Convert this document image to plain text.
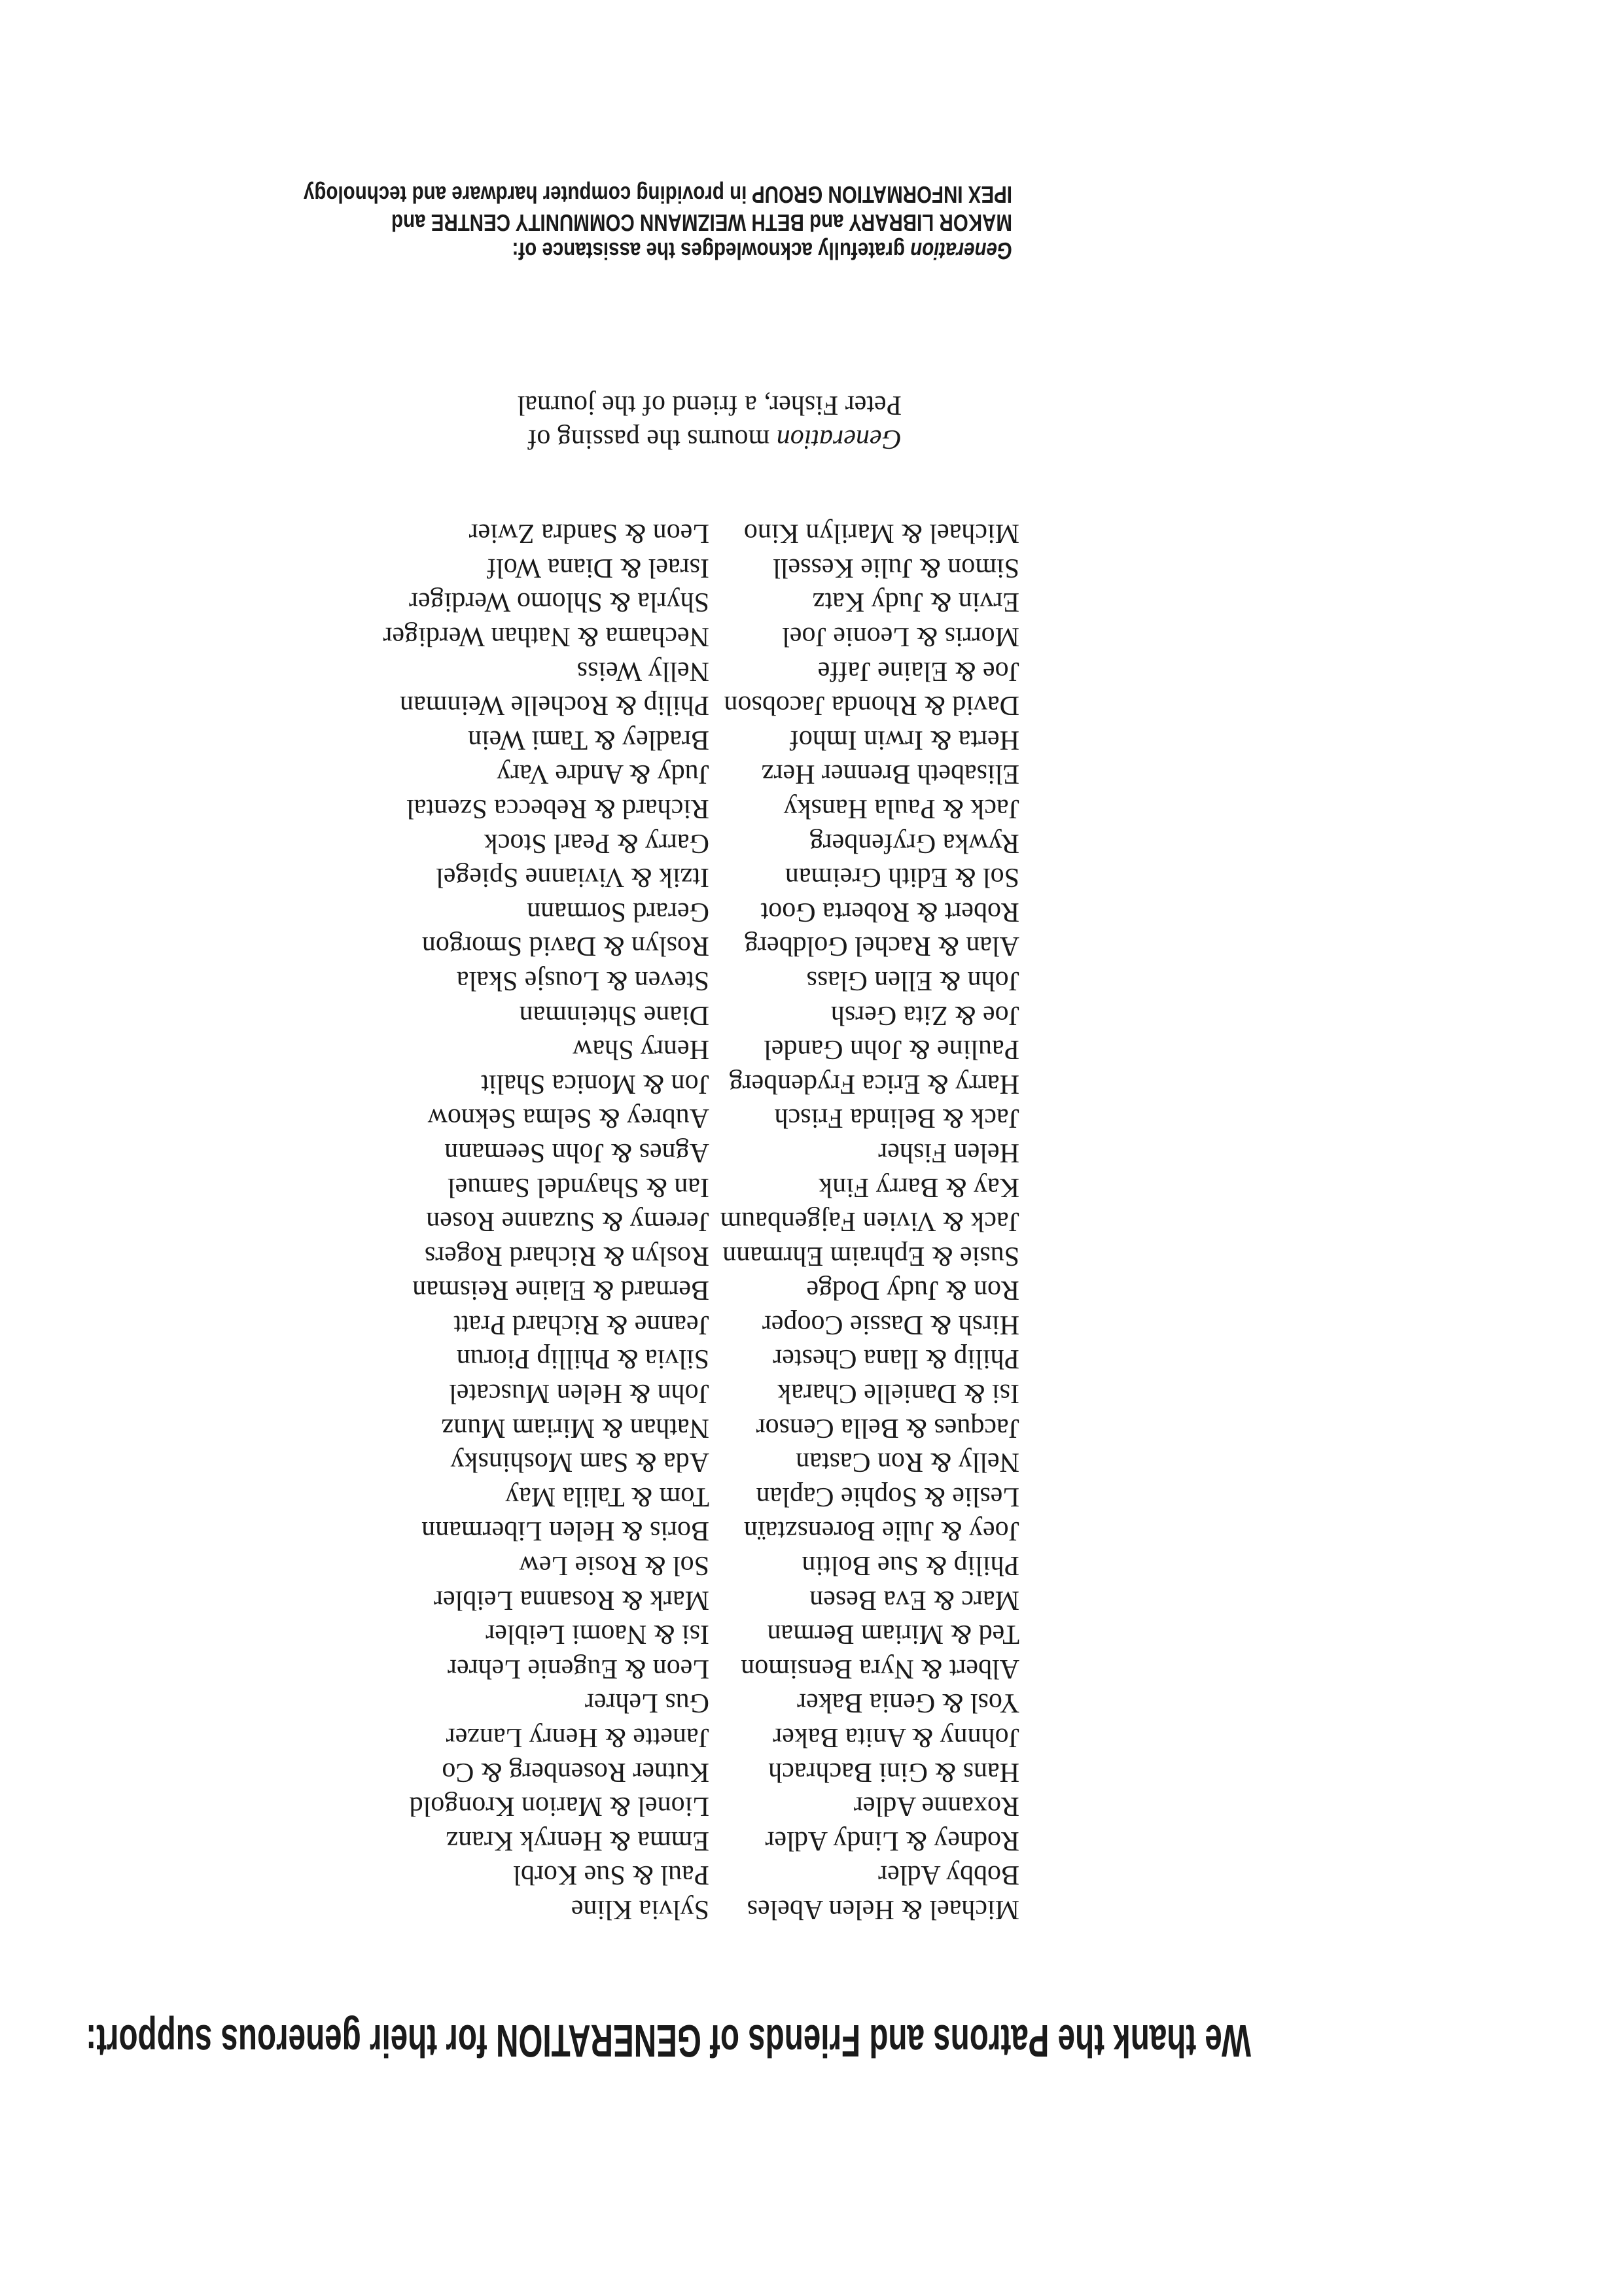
We thank the Patrons and Friends of GENERATION for their generous support:
Michael & Helen Abeles
Bobby Adler
Rodney & Lindy Adler
Roxanne Adler
Hans & Gini Bachrach
Johnny & Anita Baker
Yosl & Genia Baker
Albert & Nyra Bensimon
Ted & Miriam Berman
Marc & Eva Besen
Philip & Sue Boltin
Joey & Julie Borensztaїn
Leslie & Sophie Caplan
Nelly & Ron Castan
Jacques & Bella Censor
Isi & Danielle Charak
Philip & Ilana Chester
Hirsh & Dassie Cooper
Ron & Judy Dodge
Susie & Ephraim Ehrmann
Jack & Vivien Fajgenbaum
Kay & Barry Fink
Helen Fisher
Jack & Belinda Frisch
Harry & Erica Frydenberg
Pauline & John Gandel
Joe & Zita Gersh
John & Ellen Glass
Alan & Rachel Goldberg
Robert & Roberta Goot
Sol & Edith Greiman
Rywka Gryfenberg
Jack & Paula Hansky
Elisabeth Brenner Herz
Herta & Irwin Imhof
David & Rhonda Jacobson
Joe & Elaine Jaffe
Morris & Leonie Joel
Ervin & Judy Katz
Simon & Julie Kessell
Michael & Marilyn Kino
Sylvia Kline
Paul & Sue Korbl
Emma & Henryk Kranz
Lionel & Marion Krongold
Kutner Rosenberg & Co
Janette & Henry Lanzer
Gus Lehrer
Leon & Eugenie Lehrer
Isi & Naomi Leibler
Mark & Rosanna Leibler
Sol & Rosie Lew
Boris & Helen Libermann
Tom & Talila May
Ada & Sam Moshinsky
Nathan & Miriam Munz
John & Helen Muscatel
Silvia & Phillip Piorun
Jeanne & Richard Pratt
Bernard & Elaine Reisman
Roslyn & Richard Rogers
Jeremy & Suzanne Rosen
Ian & Shayndel Samuel
Agnes & John Seemann
Aubrey & Selma Seknow
Jon & Monica Shalit
Henry Shaw
Diane Shteinman
Steven & Lousje Skala
Roslyn & David Smorgon
Gerard Sormann
Itzik & Vivianne Spiegel
Garry & Pearl Stock
Richard & Rebecca Szental
Judy & Andre Vary
Bradley & Tami Wein
Philip & Rochelle Weinman
Nelly Weiss
Nechama & Nathan Werdiger
Shyrla & Shlomo Werdiger
Israel & Diana Wolf
Leon & Sandra Zwier
Generation mourns the passing of
Peter Fisher, a friend of the journal
Generation gratefully acknowledges the assistance of:
MAKOR LIBRARY and BETH WEIZMANN COMMUNITY CENTRE and
IPEX INFORMATION GROUP in providing computer hardware and technology
